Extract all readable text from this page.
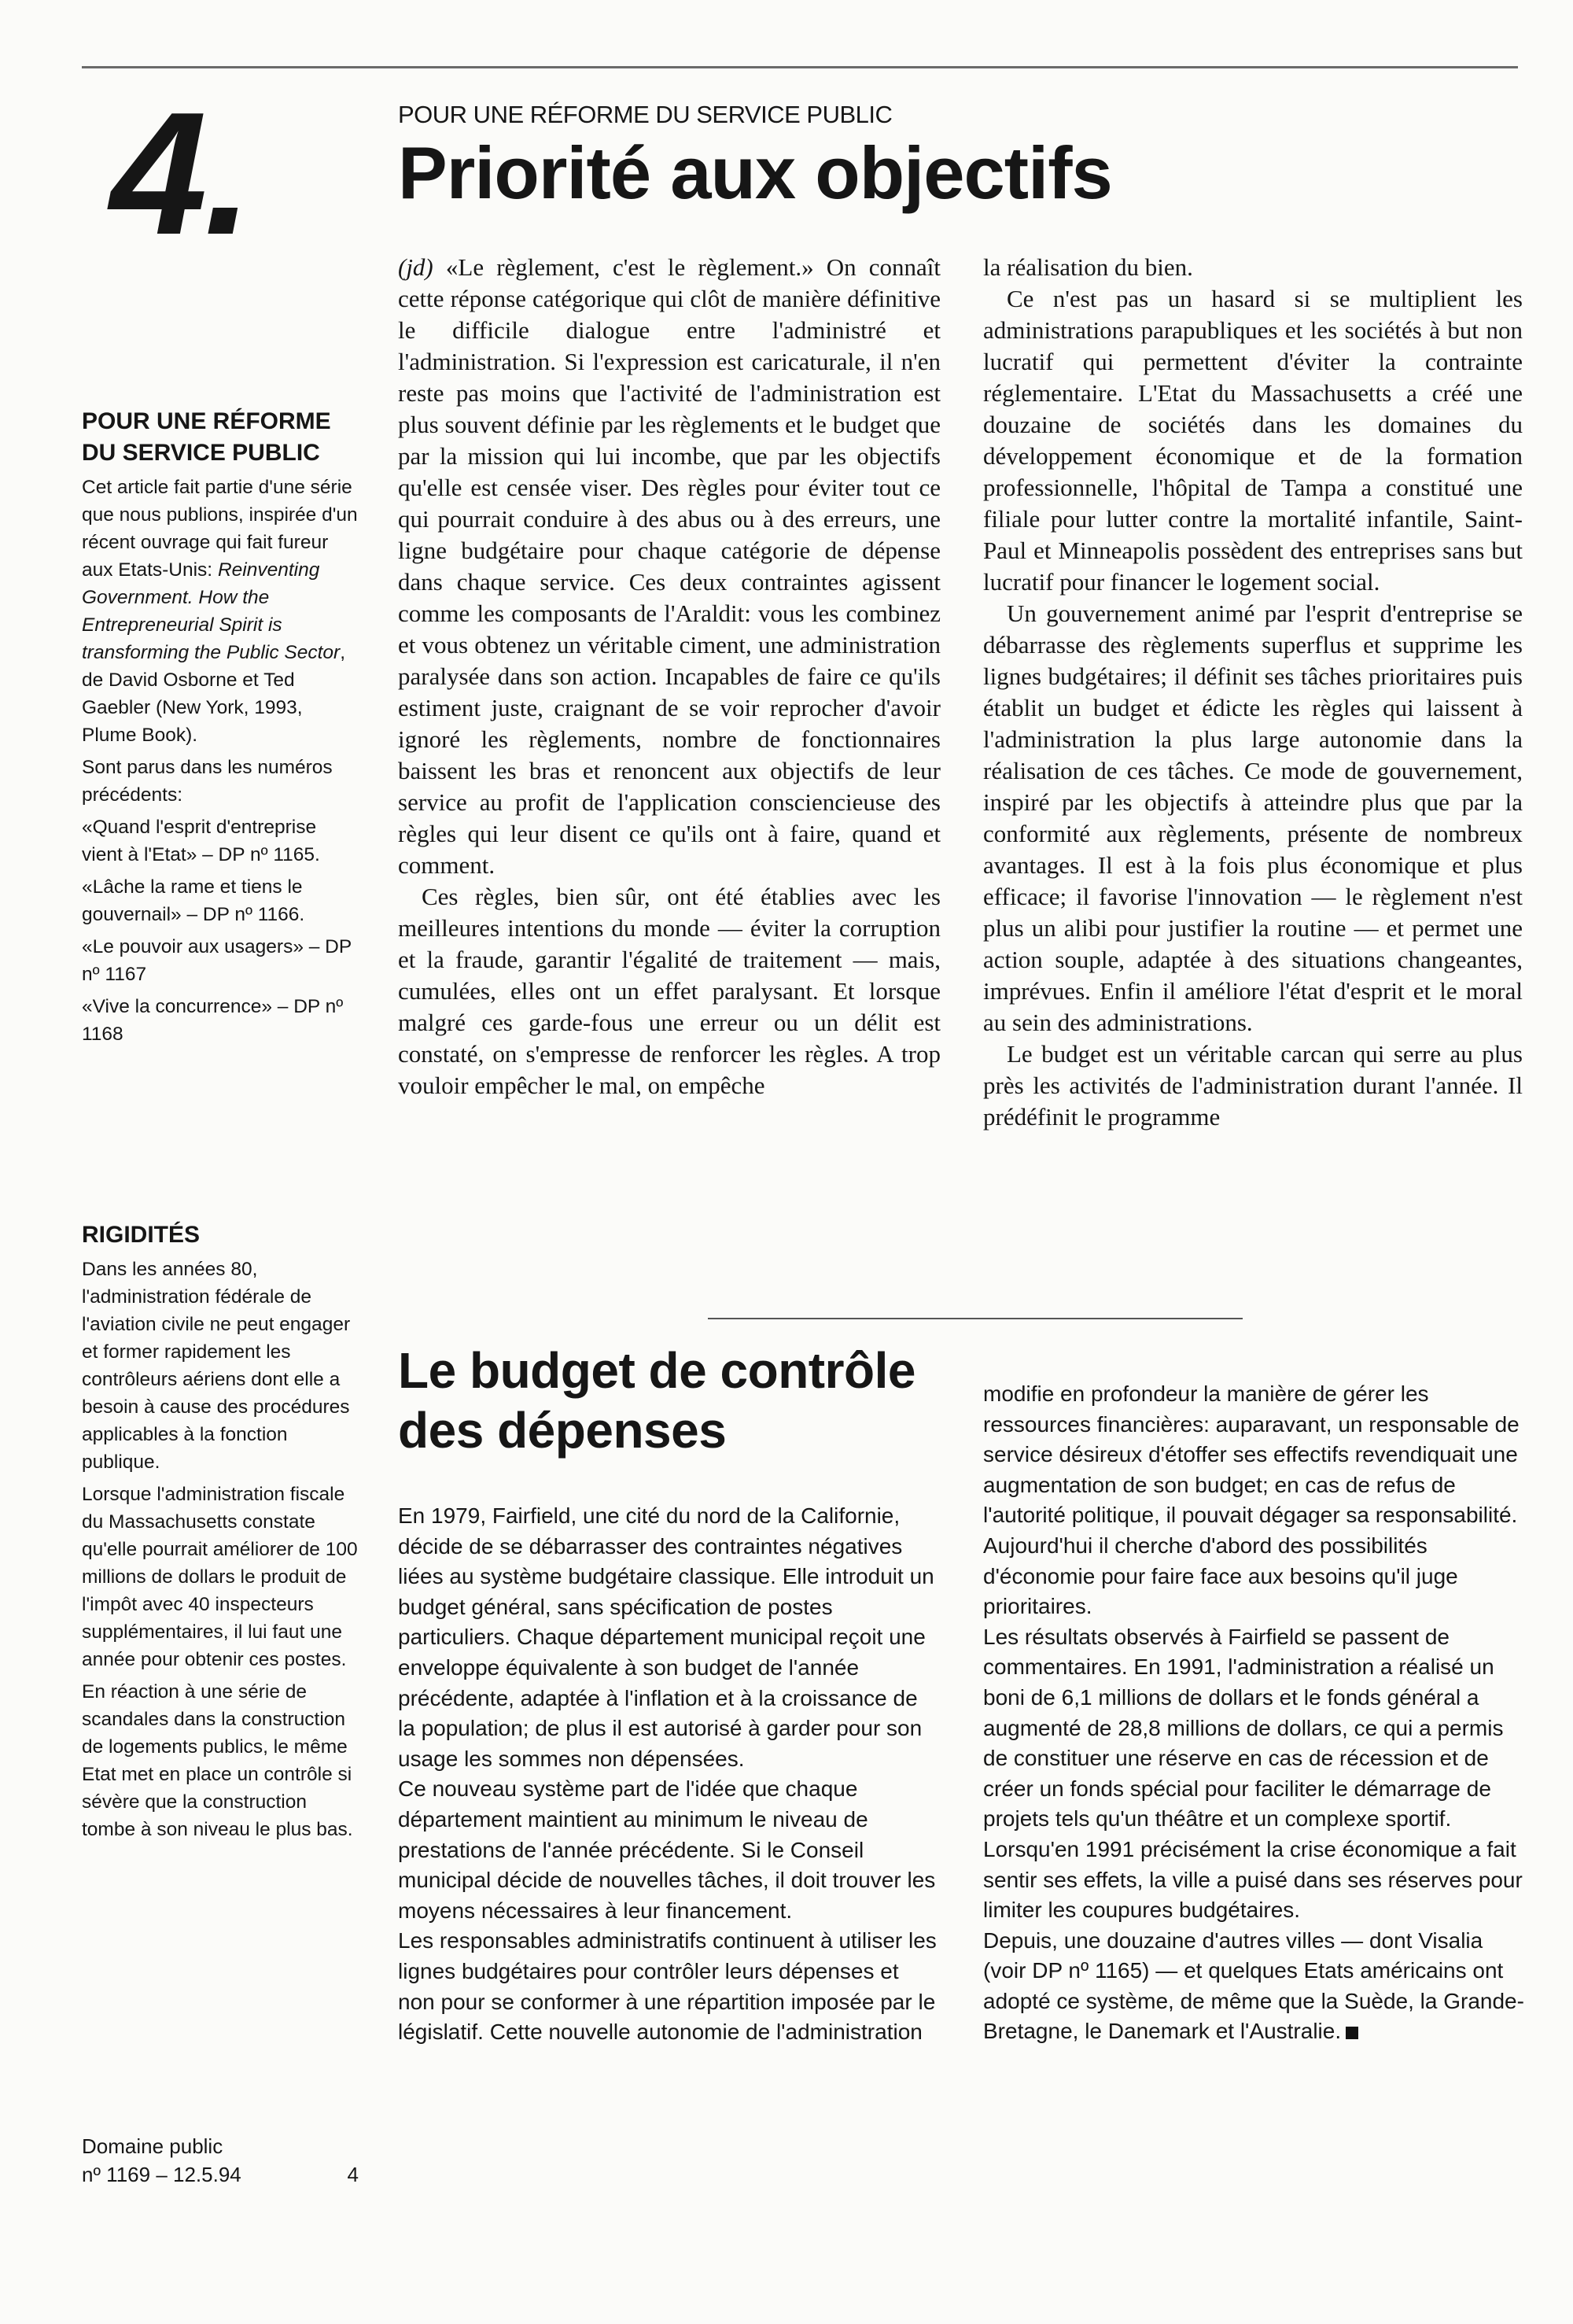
4.	POUR UNE RÉFORME DU SERVICE PUBLIC

Priorité aux objectifs
POUR UNE RÉFORME
DU SERVICE PUBLIC

Cet article fait partie d'une série que nous publions, inspirée d'un récent ouvrage qui fait fureur aux Etats-Unis: Reinventing Government. How the Entrepreneurial Spirit is transforming the Public Sector, de David Osborne et Ted Gaebler (New York, 1993, Plume Book).

Sont parus dans les numéros précédents:

«Quand l'esprit d'entreprise vient à l'Etat» – DP nº 1165.

«Lâche la rame et tiens le gouvernail» – DP nº 1166.

«Le pouvoir aux usagers» – DP nº 1167

«Vive la concurrence» – DP nº 1168

RIGIDITÉS

Dans les années 80, l'administration fédérale de l'aviation civile ne peut engager et former rapidement les contrôleurs aériens dont elle a besoin à cause des procédures applicables à la fonction publique.

Lorsque l'administration fiscale du Massachusetts constate qu'elle pourrait améliorer de 100 millions de dollars le produit de l'impôt avec 40 inspecteurs supplémentaires, il lui faut une année pour obtenir ces postes.

En réaction à une série de scandales dans la construction de logements publics, le même Etat met en place un contrôle si sévère que la construction tombe à son niveau le plus bas.

Domaine public

nº 1169 – 12.5.94	4

(jd) «Le règlement, c'est le règlement.» On connaît cette réponse catégorique qui clôt de manière définitive le difficile dialogue entre l'administré et l'administration. Si l'expression est caricaturale, il n'en reste pas moins que l'activité de l'administration est plus souvent définie par les règlements et le budget que par la mission qui lui incombe, que par les objectifs qu'elle est censée viser. Des règles pour éviter tout ce qui pourrait conduire à des abus ou à des erreurs, une ligne budgétaire pour chaque catégorie de dépense dans chaque service. Ces deux contraintes agissent comme les composants de l'Araldit: vous les combinez et vous obtenez un véritable ciment, une administration paralysée dans son action. Incapables de faire ce qu'ils estiment juste, craignant de se voir reprocher d'avoir ignoré les règlements, nombre de fonctionnaires baissent les bras et renoncent aux objectifs de leur service au profit de l'application consciencieuse des règles qui leur disent ce qu'ils ont à faire, quand et comment.

Ces règles, bien sûr, ont été établies avec les meilleures intentions du monde — éviter la corruption et la fraude, garantir l'égalité de traitement — mais, cumulées, elles ont un effet paralysant. Et lorsque malgré ces garde-fous une erreur ou un délit est constaté, on s'empresse de renforcer les règles. A trop vouloir empêcher le mal, on empêche

la réalisation du bien.

Ce n'est pas un hasard si se multiplient les administrations parapubliques et les sociétés à but non lucratif qui permettent d'éviter la contrainte réglementaire. L'Etat du Massachusetts a créé une douzaine de sociétés dans les domaines du développement économique et de la formation professionnelle, l'hôpital de Tampa a constitué une filiale pour lutter contre la mortalité infantile, Saint-Paul et Minneapolis possèdent des entreprises sans but lucratif pour financer le logement social.

Un gouvernement animé par l'esprit d'entreprise se débarrasse des règlements superflus et supprime les lignes budgétaires; il définit ses tâches prioritaires puis établit un budget et édicte les règles qui laissent à l'administration la plus large autonomie dans la réalisation de ces tâches. Ce mode de gouvernement, inspiré par les objectifs à atteindre plus que par la conformité aux règlements, présente de nombreux avantages. Il est à la fois plus économique et plus efficace; il favorise l'innovation — le règlement n'est plus un alibi pour justifier la routine — et permet une action souple, adaptée à des situations changeantes, imprévues. Enfin il améliore l'état d'esprit et le moral au sein des administrations.

Le budget est un véritable carcan qui serre au plus près les activités de l'administration durant l'année. Il prédéfinit le programme

Le budget de contrôle
des dépenses

En 1979, Fairfield, une cité du nord de la Californie, décide de se débarrasser des contraintes négatives liées au système budgétaire classique. Elle introduit un budget général, sans spécification de postes particuliers. Chaque département municipal reçoit une enveloppe équivalente à son budget de l'année précédente, adaptée à l'inflation et à la croissance de la population; de plus il est autorisé à garder pour son usage les sommes non dépensées.

Ce nouveau système part de l'idée que chaque département maintient au minimum le niveau de prestations de l'année précédente. Si le Conseil municipal décide de nouvelles tâches, il doit trouver les moyens nécessaires à leur financement.

Les responsables administratifs continuent à utiliser les lignes budgétaires pour contrôler leurs dépenses et non pour se conformer à une répartition imposée par le législatif. Cette nouvelle autonomie de l'administration

modifie en profondeur la manière de gérer les ressources financières: auparavant, un responsable de service désireux d'étoffer ses effectifs revendiquait une augmentation de son budget; en cas de refus de l'autorité politique, il pouvait dégager sa responsabilité.

Aujourd'hui il cherche d'abord des possibilités d'économie pour faire face aux besoins qu'il juge prioritaires.

Les résultats observés à Fairfield se passent de commentaires. En 1991, l'administration a réalisé un boni de 6,1 millions de dollars et le fonds général a augmenté de 28,8 millions de dollars, ce qui a permis de constituer une réserve en cas de récession et de créer un fonds spécial pour faciliter le démarrage de projets tels qu'un théâtre et un complexe sportif. Lorsqu'en 1991 précisément la crise économique a fait sentir ses effets, la ville a puisé dans ses réserves pour limiter les coupures budgétaires.

Depuis, une douzaine d'autres villes — dont Visalia (voir DP nº 1165) — et quelques Etats américains ont adopté ce système, de même que la Suède, la Grande-Bretagne, le Danemark et l'Australie.
